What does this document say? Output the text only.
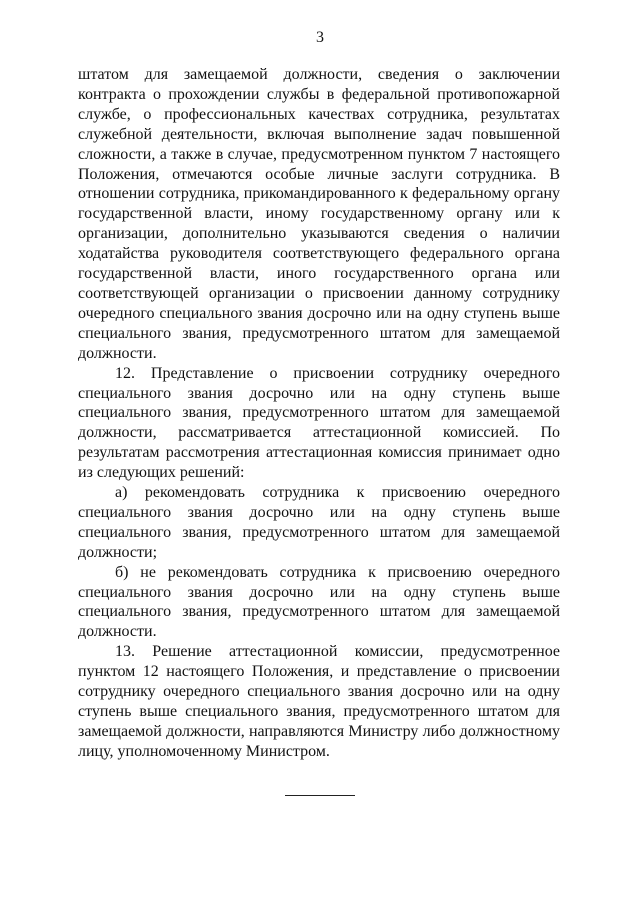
3

штатом для замещаемой должности, сведения о заключении контракта о прохождении службы в федеральной противопожарной службе, о профессиональных качествах сотрудника, результатах служебной деятельности, включая выполнение задач повышенной сложности, а также в случае, предусмотренном пунктом 7 настоящего Положения, отмечаются особые личные заслуги сотрудника. В отношении сотрудника, прикомандированного к федеральному органу государственной власти, иному государственному органу или к организации, дополнительно указываются сведения о наличии ходатайства руководителя соответствующего федерального органа государственной власти, иного государственного органа или соответствующей организации о присвоении данному сотруднику очередного специального звания досрочно или на одну ступень выше специального звания, предусмотренного штатом для замещаемой должности.

12. Представление о присвоении сотруднику очередного специального звания досрочно или на одну ступень выше специального звания, предусмотренного штатом для замещаемой должности, рассматривается аттестационной комиссией. По результатам рассмотрения аттестационная комиссия принимает одно из следующих решений:

а) рекомендовать сотрудника к присвоению очередного специального звания досрочно или на одну ступень выше специального звания, предусмотренного штатом для замещаемой должности;

б) не рекомендовать сотрудника к присвоению очередного специального звания досрочно или на одну ступень выше специального звания, предусмотренного штатом для замещаемой должности.

13. Решение аттестационной комиссии, предусмотренное пунктом 12 настоящего Положения, и представление о присвоении сотруднику очередного специального звания досрочно или на одну ступень выше специального звания, предусмотренного штатом для замещаемой должности, направляются Министру либо должностному лицу, уполномоченному Министром.
